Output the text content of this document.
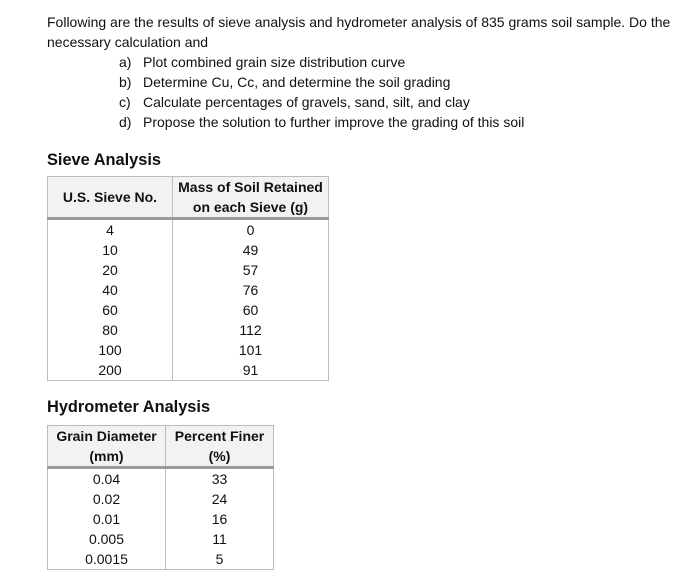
Following are the results of sieve analysis and hydrometer analysis of 835 grams soil sample. Do the necessary calculation and

a) Plot combined grain size distribution curve
b) Determine Cu, Cc, and determine the soil grading
c) Calculate percentages of gravels, sand, silt, and clay
d) Propose the solution to further improve the grading of this soil
Sieve Analysis
U.S. Sieve No.	Mass of Soil Retained on each Sieve (g)
4	0
10	49
20	57
40	76
60	60
80	112
100	101
200	91
Hydrometer Analysis
Grain Diameter (mm)	Percent Finer (%)
0.04	33
0.02	24
0.01	16
0.005	11
0.0015	5
